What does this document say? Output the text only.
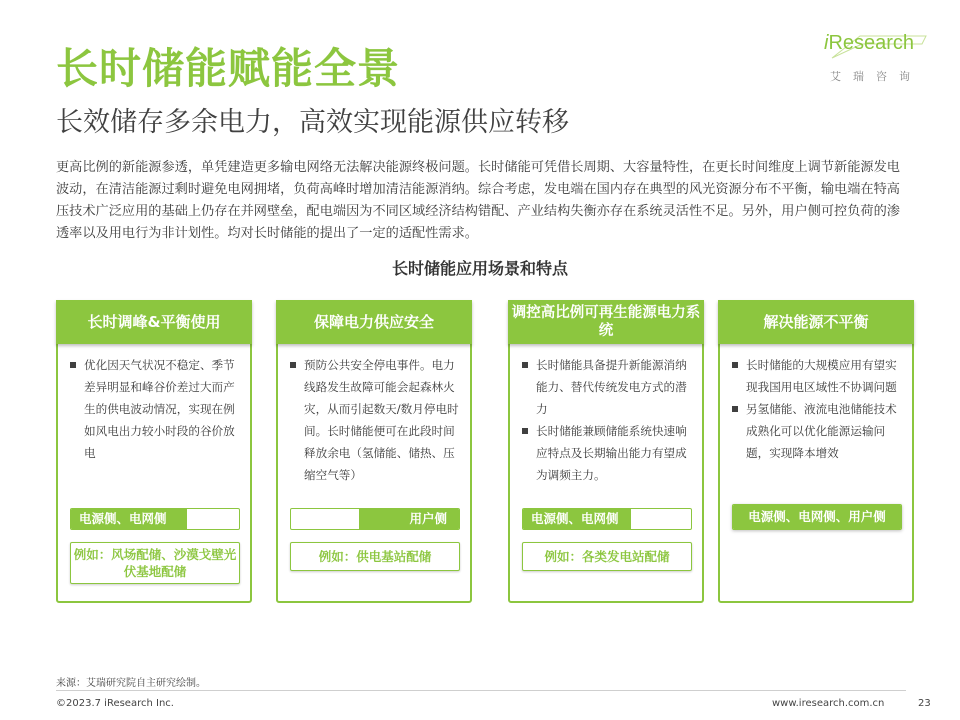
长时储能赋能全景
长效储存多余电力，高效实现能源供应转移
iResearch
艾瑞咨询
更高比例的新能源参透，单凭建造更多输电网络无法解决能源终极问题。长时储能可凭借长周期、大容量特性，在更长时间维度上调节新能源发电波动，在清洁能源过剩时避免电网拥堵，负荷高峰时增加清洁能源消纳。综合考虑，发电端在国内存在典型的风光资源分布不平衡，输电端在特高压技术广泛应用的基础上仍存在并网壁垒，配电端因为不同区域经济结构错配、产业结构失衡亦存在系统灵活性不足。另外，用户侧可控负荷的渗透率以及用电行为非计划性。均对长时储能的提出了一定的适配性需求。
长时储能应用场景和特点
长时调峰&平衡使用
优化因天气状况不稳定、季节差异明显和峰谷价差过大而产生的供电波动情况，实现在例如风电出力较小时段的谷价放电
电源侧、电网侧
例如：风场配储、沙漠戈壁光伏基地配储
保障电力供应安全
预防公共安全停电事件。电力线路发生故障可能会起森林火灾，从而引起数天/数月停电时间。长时储能便可在此段时间释放余电（氢储能、储热、压缩空气等）
用户侧
例如：供电基站配储
调控高比例可再生能源电力系统
长时储能具备提升新能源消纳能力、替代传统发电方式的潜力
长时储能兼顾储能系统快速响应特点及长期输出能力有望成为调频主力。
电源侧、电网侧
例如：各类发电站配储
解决能源不平衡
长时储能的大规模应用有望实现我国用电区域性不协调问题
另氢储能、液流电池储能技术成熟化可以优化能源运输问题，实现降本增效
电源侧、电网侧、用户侧
来源：艾瑞研究院自主研究绘制。
©2023.7 iResearch Inc.	www.iresearch.com.cn	23
